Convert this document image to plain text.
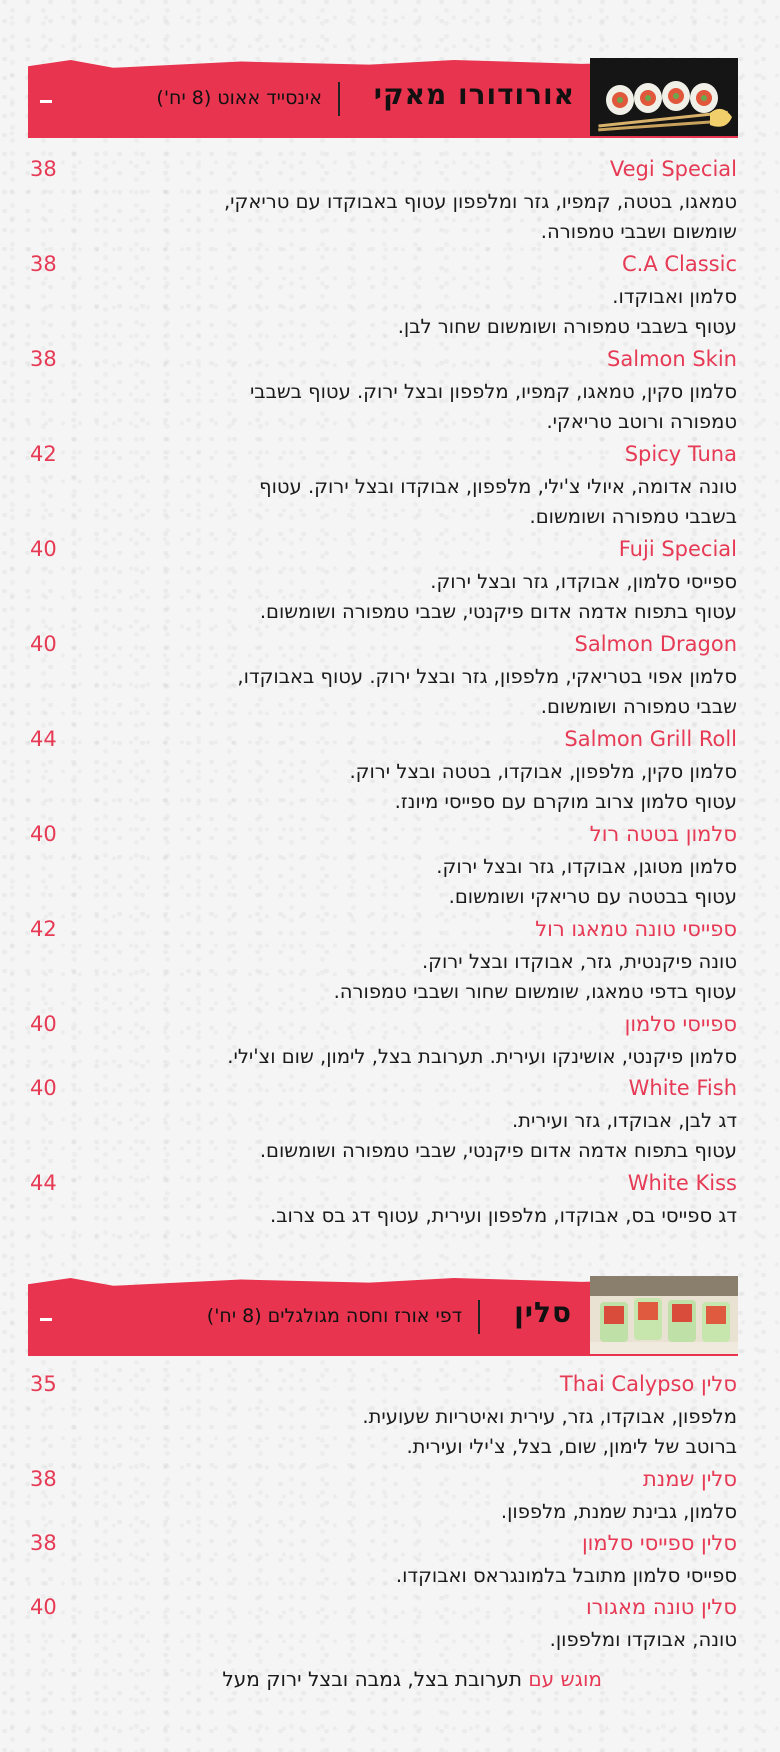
אורודורו מאקי
אינסייד אאוט (8 יח')
סלין
דפי אורז וחסה מגולגלים (8 יח')
Vegi Special
38
טמאגו, בטטה, קמפיו, גזר ומלפפון עטוף באבוקדו עם טריאקי,
שומשום ושבבי טמפורה.
C.A Classic
38
סלמון ואבוקדו.
עטוף בשבבי טמפורה ושומשום שחור לבן.
Salmon Skin
38
סלמון סקין, טמאגו, קמפיו, מלפפון ובצל ירוק. עטוף בשבבי
טמפורה ורוטב טריאקי.
Spicy Tuna
42
טונה אדומה, איולי צ'ילי, מלפפון, אבוקדו ובצל ירוק. עטוף
בשבבי טמפורה ושומשום.
Fuji Special
40
ספייסי סלמון, אבוקדו, גזר ובצל ירוק.
עטוף בתפוח אדמה אדום פיקנטי, שבבי טמפורה ושומשום.
Salmon Dragon
40
סלמון אפוי בטריאקי, מלפפון, גזר ובצל ירוק. עטוף באבוקדו,
שבבי טמפורה ושומשום.
Salmon Grill Roll
44
סלמון סקין, מלפפון, אבוקדו, בטטה ובצל ירוק.
עטוף סלמון צרוב מוקרם עם ספייסי מיונז.
סלמון בטטה רול
40
סלמון מטוגן, אבוקדו, גזר ובצל ירוק.
עטוף בבטטה עם טריאקי ושומשום.
ספייסי טונה טמאגו רול
42
טונה פיקנטית, גזר, אבוקדו ובצל ירוק.
עטוף בדפי טמאגו, שומשום שחור ושבבי טמפורה.
ספייסי סלמון
40
סלמון פיקנטי, אושינקו ועירית. תערובת בצל, לימון, שום וצ'ילי.
White Fish
40
דג לבן, אבוקדו, גזר ועירית.
עטוף בתפוח אדמה אדום פיקנטי, שבבי טמפורה ושומשום.
White Kiss
44
דג ספייסי בס, אבוקדו, מלפפון ועירית, עטוף דג בס צרוב.
סלין Thai Calypso
35
מלפפון, אבוקדו, גזר, עירית ואיטריות שעועית.
ברוטב של לימון, שום, בצל, צ'ילי ועירית.
סלין שמנת
38
סלמון, גבינת שמנת, מלפפון.
סלין ספייסי סלמון
38
ספייסי סלמון מתובל בלמונגראס ואבוקדו.
סלין טונה מאגורו
40
טונה, אבוקדו ומלפפון.
מוגש עם תערובת בצל, גמבה ובצל ירוק מעל
